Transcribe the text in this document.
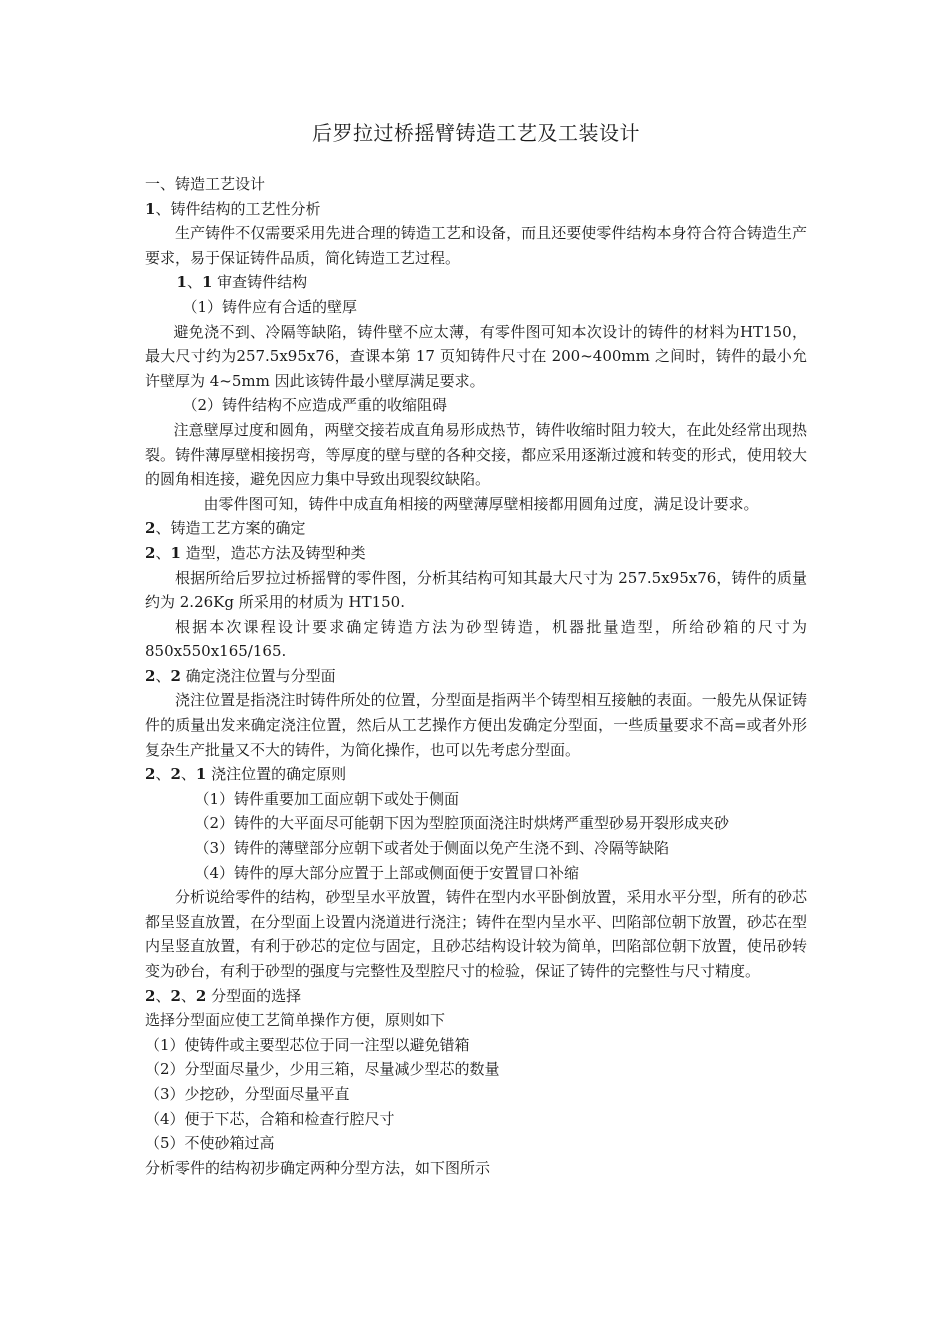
后罗拉过桥摇臂铸造工艺及工装设计

一、铸造工艺设计

1、铸件结构的工艺性分析

生产铸件不仅需要采用先进合理的铸造工艺和设备，而且还要使零件结构本身符合符合铸造生产要求，易于保证铸件品质，简化铸造工艺过程。

1、1 审查铸件结构

（1）铸件应有合适的壁厚

避免浇不到、冷隔等缺陷，铸件壁不应太薄，有零件图可知本次设计的铸件的材料为HT150，最大尺寸约为257.5x95x76，查课本第 17 页知铸件尺寸在 200~400mm 之间时，铸件的最小允许壁厚为 4~5mm 因此该铸件最小壁厚满足要求。

（2）铸件结构不应造成严重的收缩阻碍

注意壁厚过度和圆角，两壁交接若成直角易形成热节，铸件收缩时阻力较大，在此处经常出现热裂。铸件薄厚壁相接拐弯，等厚度的壁与壁的各种交接，都应采用逐渐过渡和转变的形式，使用较大的圆角相连接，避免因应力集中导致出现裂纹缺陷。

由零件图可知，铸件中成直角相接的两壁薄厚壁相接都用圆角过度，满足设计要求。

2、铸造工艺方案的确定

2、1 造型，造芯方法及铸型种类

根据所给后罗拉过桥摇臂的零件图，分析其结构可知其最大尺寸为 257.5x95x76，铸件的质量约为 2.26Kg 所采用的材质为 HT150.

根据本次课程设计要求确定铸造方法为砂型铸造，机器批量造型，所给砂箱的尺寸为 850x550x165/165.

2、2 确定浇注位置与分型面

浇注位置是指浇注时铸件所处的位置，分型面是指两半个铸型相互接触的表面。一般先从保证铸件的质量出发来确定浇注位置，然后从工艺操作方便出发确定分型面，一些质量要求不高=或者外形复杂生产批量又不大的铸件，为简化操作，也可以先考虑分型面。

2、2、1 浇注位置的确定原则

（1）铸件重要加工面应朝下或处于侧面

（2）铸件的大平面尽可能朝下因为型腔顶面浇注时烘烤严重型砂易开裂形成夹砂

（3）铸件的薄壁部分应朝下或者处于侧面以免产生浇不到、冷隔等缺陷

（4）铸件的厚大部分应置于上部或侧面便于安置冒口补缩

分析说给零件的结构，砂型呈水平放置，铸件在型内水平卧倒放置，采用水平分型，所有的砂芯都呈竖直放置，在分型面上设置内浇道进行浇注；铸件在型内呈水平、凹陷部位朝下放置，砂芯在型内呈竖直放置，有利于砂芯的定位与固定，且砂芯结构设计较为简单，凹陷部位朝下放置，使吊砂转变为砂台，有利于砂型的强度与完整性及型腔尺寸的检验，保证了铸件的完整性与尺寸精度。

2、2、2 分型面的选择

选择分型面应使工艺简单操作方便，原则如下

（1）使铸件或主要型芯位于同一注型以避免错箱

（2）分型面尽量少，少用三箱，尽量减少型芯的数量

（3）少挖砂，分型面尽量平直

（4）便于下芯，合箱和检查行腔尺寸

（5）不使砂箱过高

分析零件的结构初步确定两种分型方法，如下图所示
